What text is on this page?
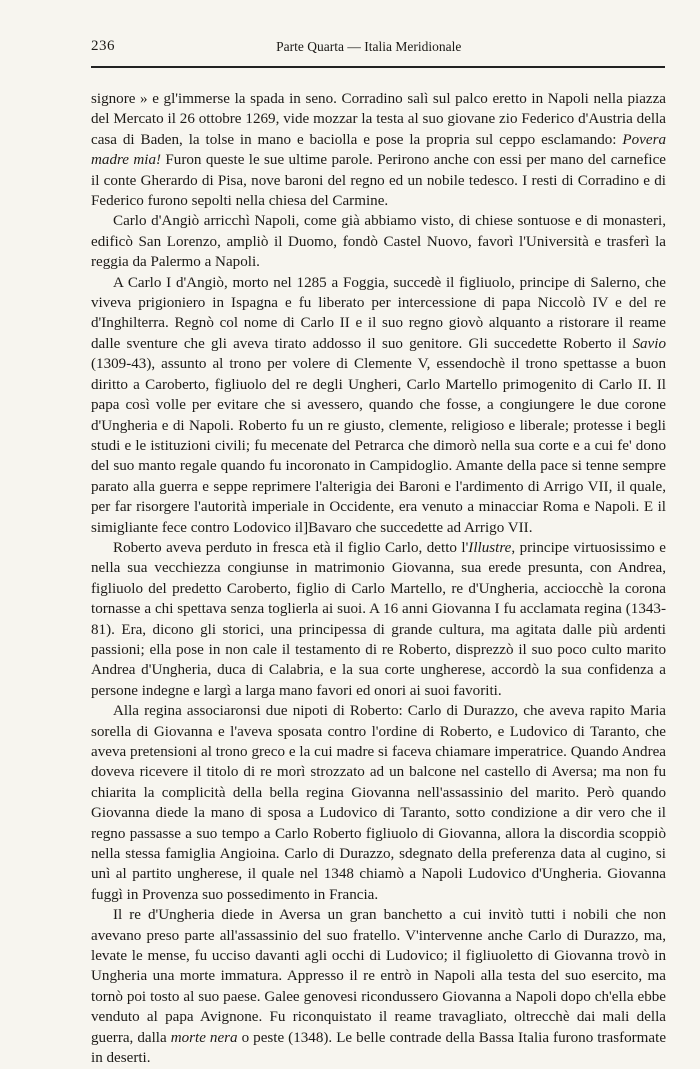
236	Parte Quarta — Italia Meridionale

signore » e gl'immerse la spada in seno. Corradino salì sul palco eretto in Napoli nella piazza del Mercato il 26 ottobre 1269, vide mozzar la testa al suo giovane zio Federico d'Austria della casa di Baden, la tolse in mano e baciolla e pose la propria sul ceppo esclamando: Povera madre mia! Furon queste le sue ultime parole. Perirono anche con essi per mano del carnefice il conte Gherardo di Pisa, nove baroni del regno ed un nobile tedesco. I resti di Corradino e di Federico furono sepolti nella chiesa del Carmine.

Carlo d'Angiò arricchì Napoli, come già abbiamo visto, di chiese sontuose e di monasteri, edificò San Lorenzo, ampliò il Duomo, fondò Castel Nuovo, favorì l'Università e trasferì la reggia da Palermo a Napoli.

A Carlo I d'Angiò, morto nel 1285 a Foggia, succedè il figliuolo, principe di Salerno, che viveva prigioniero in Ispagna e fu liberato per intercessione di papa Niccolò IV e del re d'Inghilterra. Regnò col nome di Carlo II e il suo regno giovò alquanto a ristorare il reame dalle sventure che gli aveva tirato addosso il suo genitore. Gli succedette Roberto il Savio (1309-43), assunto al trono per volere di Clemente V, essendochè il trono spettasse a buon diritto a Caroberto, figliuolo del re degli Ungheri, Carlo Martello primogenito di Carlo II. Il papa così volle per evitare che si avessero, quando che fosse, a congiungere le due corone d'Ungheria e di Napoli. Roberto fu un re giusto, clemente, religioso e liberale; protesse i begli studi e le istituzioni civili; fu mecenate del Petrarca che dimorò nella sua corte e a cui fe' dono del suo manto regale quando fu incoronato in Campidoglio. Amante della pace si tenne sempre parato alla guerra e seppe reprimere l'alterigia dei Baroni e l'ardimento di Arrigo VII, il quale, per far risorgere l'autorità imperiale in Occidente, era venuto a minacciar Roma e Napoli. E il simigliante fece contro Lodovico il]Bavaro che succedette ad Arrigo VII.

Roberto aveva perduto in fresca età il figlio Carlo, detto l'Illustre, principe virtuosissimo e nella sua vecchiezza congiunse in matrimonio Giovanna, sua erede presunta, con Andrea, figliuolo del predetto Caroberto, figlio di Carlo Martello, re d'Ungheria, acciocchè la corona tornasse a chi spettava senza toglierla ai suoi. A 16 anni Giovanna I fu acclamata regina (1343-81). Era, dicono gli storici, una principessa di grande cultura, ma agitata dalle più ardenti passioni; ella pose in non cale il testamento di re Roberto, disprezzò il suo poco culto marito Andrea d'Ungheria, duca di Calabria, e la sua corte ungherese, accordò la sua confidenza a persone indegne e largì a larga mano favori ed onori ai suoi favoriti.

Alla regina associaronsi due nipoti di Roberto: Carlo di Durazzo, che aveva rapito Maria sorella di Giovanna e l'aveva sposata contro l'ordine di Roberto, e Ludovico di Taranto, che aveva pretensioni al trono greco e la cui madre si faceva chiamare imperatrice. Quando Andrea doveva ricevere il titolo di re morì strozzato ad un balcone nel castello di Aversa; ma non fu chiarita la complicità della bella regina Giovanna nell'assassinio del marito. Però quando Giovanna diede la mano di sposa a Ludovico di Taranto, sotto condizione a dir vero che il regno passasse a suo tempo a Carlo Roberto figliuolo di Giovanna, allora la discordia scoppiò nella stessa famiglia Angioina. Carlo di Durazzo, sdegnato della preferenza data al cugino, si unì al partito ungherese, il quale nel 1348 chiamò a Napoli Ludovico d'Ungheria. Giovanna fuggì in Provenza suo possedimento in Francia.

Il re d'Ungheria diede in Aversa un gran banchetto a cui invitò tutti i nobili che non avevano preso parte all'assassinio del suo fratello. V'intervenne anche Carlo di Durazzo, ma, levate le mense, fu ucciso davanti agli occhi di Ludovico; il figliuoletto di Giovanna trovò in Ungheria una morte immatura. Appresso il re entrò in Napoli alla testa del suo esercito, ma tornò poi tosto al suo paese. Galee genovesi ricondussero Giovanna a Napoli dopo ch'ella ebbe venduto al papa Avignone. Fu riconquistato il reame travagliato, oltrecchè dai mali della guerra, dalla morte nera o peste (1348). Le belle contrade della Bassa Italia furono trasformate in deserti.
